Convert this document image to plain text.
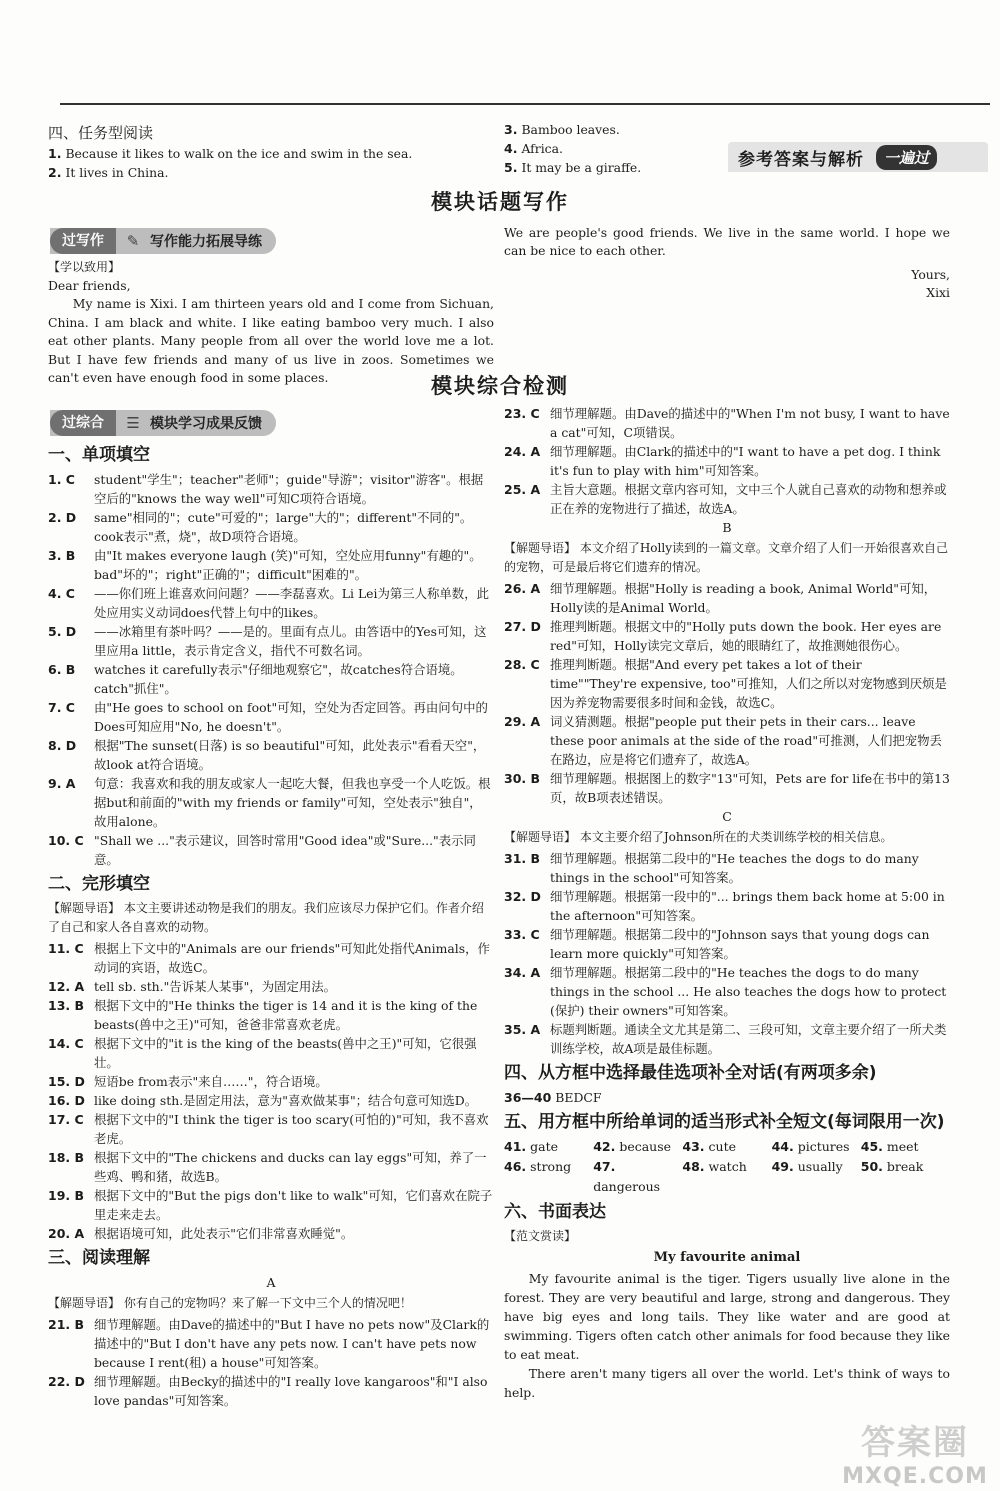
参考答案与解析	一遍过
四、任务型阅读
1. Because it likes to walk on the ice and swim in the sea.
2. It lives in China.
3. Bamboo leaves.
4. Africa.
5. It may be a giraffe.
模块话题写作
过写作	✎ 写作能力拓展导练
【学以致用】
Dear friends,
My name is Xixi. I am thirteen years old and I come from Sichuan, China. I am black and white. I like eating bamboo very much. I also eat other plants. Many people from all over the world love me a lot. But I have few friends and many of us live in zoos. Sometimes we can't even have enough food in some places.
We are people's good friends. We live in the same world. I hope we can be nice to each other.
Yours,
Xixi
模块综合检测
过综合	☰ 模块学习成果反馈
一、单项填空
1. C	student"学生"；teacher"老师"；guide"导游"；visitor"游客"。根据空后的"knows the way well"可知C项符合语境。
2. D	same"相同的"；cute"可爱的"；large"大的"；different"不同的"。cook表示"煮，烧"，故D项符合语境。
3. B	由"It makes everyone laugh (笑)"可知，空处应用funny"有趣的"。bad"坏的"；right"正确的"；difficult"困难的"。
4. C	——你们班上谁喜欢问问题？——李磊喜欢。Li Lei为第三人称单数，此处应用实义动词does代替上句中的likes。
5. D	——冰箱里有茶叶吗？——是的。里面有点儿。由答语中的Yes可知，这里应用a little，表示肯定含义，指代不可数名词。
6. B	watches it carefully表示"仔细地观察它"，故catches符合语境。catch"抓住"。
7. C	由"He goes to school on foot"可知，空处为否定回答。再由问句中的Does可知应用"No, he doesn't"。
8. D	根据"The sunset(日落) is so beautiful"可知，此处表示"看看天空"，故look at符合语境。
9. A	句意：我喜欢和我的朋友或家人一起吃大餐，但我也享受一个人吃饭。根据but和前面的"with my friends or family"可知，空处表示"独自"，故用alone。
10. C "Shall we ..."表示建议，回答时常用"Good idea"或"Sure..."表示同意。
二、完形填空
【解题导语】 本文主要讲述动物是我们的朋友。我们应该尽力保护它们。作者介绍了自己和家人各自喜欢的动物。
11. C 根据上下文中的"Animals are our friends"可知此处指代Animals，作动词的宾语，故选C。
12. A tell sb. sth."告诉某人某事"，为固定用法。
13. B 根据下文中的"He thinks the tiger is 14 and it is the king of the beasts(兽中之王)"可知，爸爸非常喜欢老虎。
14. C 根据下文中的"it is the king of the beasts(兽中之王)"可知，它很强壮。
15. D 短语be from表示"来自……"，符合语境。
16. D like doing sth.是固定用法，意为"喜欢做某事"；结合句意可知选D。
17. C 根据下文中的"I think the tiger is too scary(可怕的)"可知，我不喜欢老虎。
18. B 根据下文中的"The chickens and ducks can lay eggs"可知，养了一些鸡、鸭和猪，故选B。
19. B 根据下文中的"But the pigs don't like to walk"可知，它们喜欢在院子里走来走去。
20. A 根据语境可知，此处表示"它们非常喜欢睡觉"。
三、阅读理解
A
【解题导语】 你有自己的宠物吗？来了解一下文中三个人的情况吧！
21. B 细节理解题。由Dave的描述中的"But I have no pets now"及Clark的描述中的"But I don't have any pets now. I can't have pets now because I rent(租) a house"可知答案。
22. D 细节理解题。由Becky的描述中的"I really love kangaroos"和"I also love pandas"可知答案。
23. C 细节理解题。由Dave的描述中的"When I'm not busy, I want to have a cat"可知，C项错误。
24. A 细节理解题。由Clark的描述中的"I want to have a pet dog. I think it's fun to play with him"可知答案。
25. A 主旨大意题。根据文章内容可知，文中三个人就自己喜欢的动物和想养或正在养的宠物进行了描述，故选A。
B
【解题导语】 本文介绍了Holly读到的一篇文章。文章介绍了人们一开始很喜欢自己的宠物，可是最后将它们遗弃的情况。
26. A 细节理解题。根据"Holly is reading a book, Animal World"可知，Holly读的是Animal World。
27. D 推理判断题。根据文中的"Holly puts down the book. Her eyes are red"可知，Holly读完文章后，她的眼睛红了，故推测她很伤心。
28. C 推理判断题。根据"And every pet takes a lot of their time""They're expensive, too"可推知，人们之所以对宠物感到厌烦是因为养宠物需要很多时间和金钱，故选C。
29. A 词义猜测题。根据"people put their pets in their cars... leave these poor animals at the side of the road"可推测，人们把宠物丢在路边，应是将它们遗弃了，故选A。
30. B 细节理解题。根据图上的数字"13"可知，Pets are for life在书中的第13页，故B项表述错误。
C
【解题导语】 本文主要介绍了Johnson所在的犬类训练学校的相关信息。
31. B 细节理解题。根据第二段中的"He teaches the dogs to do many things in the school"可知答案。
32. D 细节理解题。根据第一段中的"... brings them back home at 5:00 in the afternoon"可知答案。
33. C 细节理解题。根据第二段中的"Johnson says that young dogs can learn more quickly"可知答案。
34. A 细节理解题。根据第二段中的"He teaches the dogs to do many things in the school ... He also teaches the dogs how to protect (保护) their owners"可知答案。
35. A 标题判断题。通读全文尤其是第二、三段可知，文章主要介绍了一所犬类训练学校，故A项是最佳标题。
四、从方框中选择最佳选项补全对话(有两项多余)
36—40 BEDCF
五、用方框中所给单词的适当形式补全短文(每词限用一次)
41. gate	42. because 43. cute	44. pictures 45. meet
46. strong	47. dangerous
48. watch	49. usually	50. break
六、书面表达
【范文赏读】
My favourite animal
My favourite animal is the tiger. Tigers usually live alone in the forest. They are very beautiful and large, strong and dangerous. They have big eyes and long tails. They like water and are good at swimming. Tigers often catch other animals for food because they like to eat meat.
There aren't many tigers all over the world. Let's think of ways to help.
答案圈
MXQE.COM
